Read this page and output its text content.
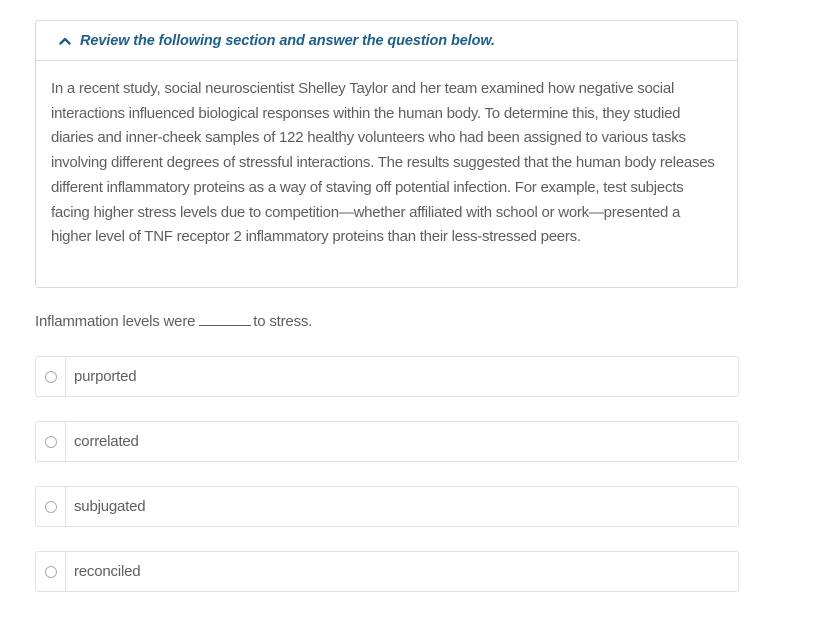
Review the following section and answer the question below.
In a recent study, social neuroscientist Shelley Taylor and her team examined how negative social interactions influenced biological responses within the human body. To determine this, they studied diaries and inner-cheek samples of 122 healthy volunteers who had been assigned to various tasks involving different degrees of stressful interactions. The results suggested that the human body releases different inflammatory proteins as a way of staving off potential infection. For example, test subjects facing higher stress levels due to competition—whether affiliated with school or work—presented a higher level of TNF receptor 2 inflammatory proteins than their less-stressed peers.
Inflammation levels were	to stress.
purported
correlated
subjugated
reconciled
